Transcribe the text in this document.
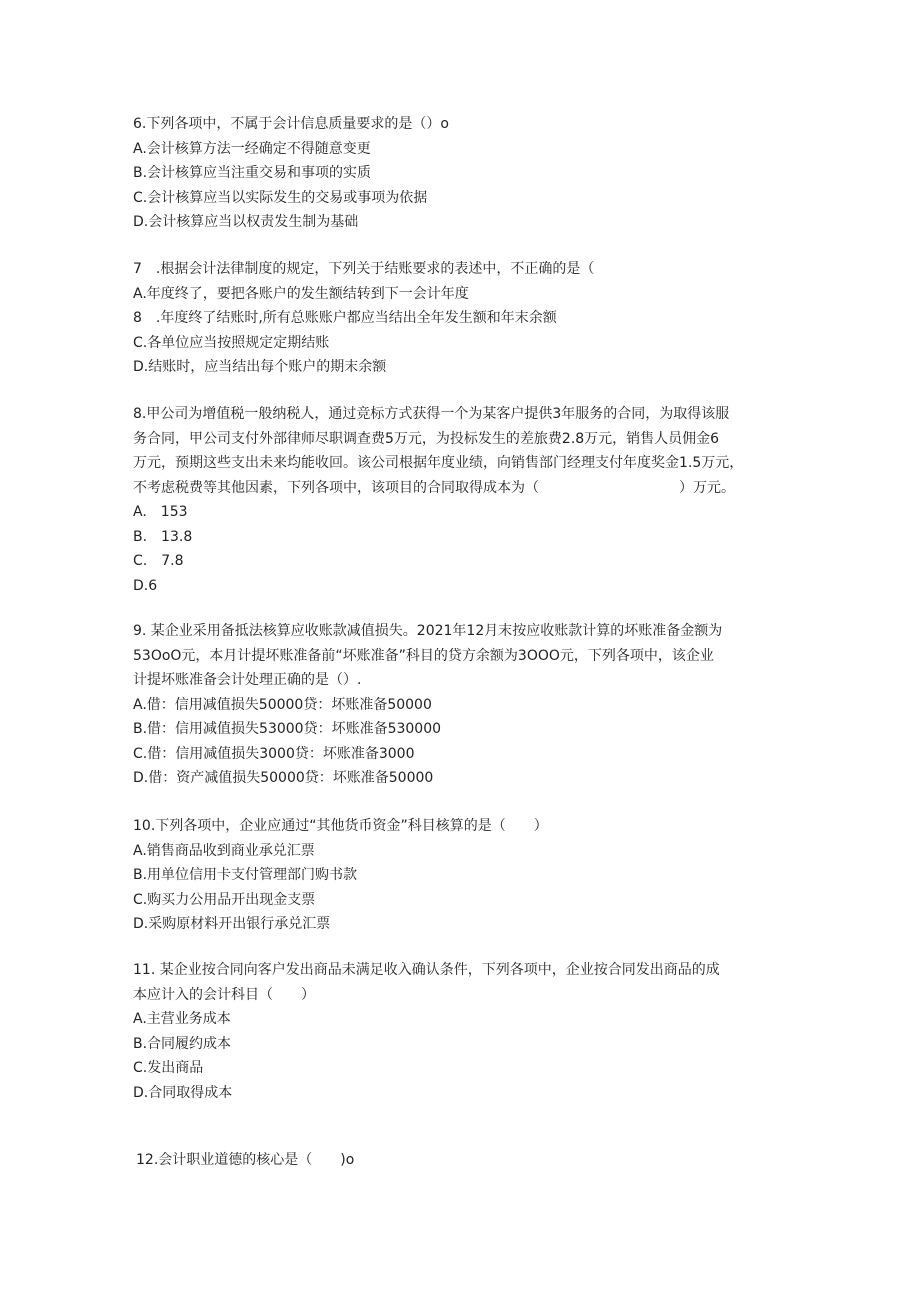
6.下列各项中，不属于会计信息质量要求的是（）o
A.会计核算方法一经确定不得随意变更
B.会计核算应当注重交易和事项的实质
C.会计核算应当以实际发生的交易或事项为依据
D.会计核算应当以权责发生制为基础
7　.根据会计法律制度的规定，下列关于结账要求的表述中，不正确的是（
A.年度终了，要把各账户的发生额结转到下一会计年度
8　.年度终了结账时,所有总账账户都应当结出全年发生额和年末余额
C.各单位应当按照规定定期结账
D.结账时，应当结出每个账户的期末余额
8.甲公司为增值税一般纳税人，通过竞标方式获得一个为某客户提供3年服务的合同，为取得该服
务合同，甲公司支付外部律师尽职调查费5万元，为投标发生的差旅费2.8万元，销售人员佣金6
万元，预期这些支出未来均能收回。该公司根据年度业绩，向销售部门经理支付年度奖金1.5万元，
不考虑税费等其他因素，下列各项中，该项目的合同取得成本为（　　　　　　　　　　）万元。
A.　153
B.　13.8
C.　7.8
D.6
9. 某企业采用备抵法核算应收账款减值损失。2021年12月末按应收账款计算的坏账准备金额为
53OoO元，本月计提坏账准备前“坏账准备”科目的贷方余额为3OOO元，下列各项中，该企业
计提坏账准备会计处理正确的是（）.
A.借：信用减值损失50000贷：坏账准备50000
B.借：信用减值损失53000贷：坏账准备530000
C.借：信用减值损失3000贷：坏账准备3000
D.借：资产减值损失50000贷：坏账准备50000
10.下列各项中，企业应通过“其他货币资金”科目核算的是（　　）
A.销售商品收到商业承兑汇票
B.用单位信用卡支付管理部门购书款
C.购买力公用品开出现金支票
D.采购原材料开出银行承兑汇票
11. 某企业按合同向客户发出商品未满足收入确认条件，下列各项中，企业按合同发出商品的成
本应计入的会计科目（　　）
A.主营业务成本
B.合同履约成本
C.发出商品
D.合同取得成本
12.会计职业道德的核心是（　　)o
